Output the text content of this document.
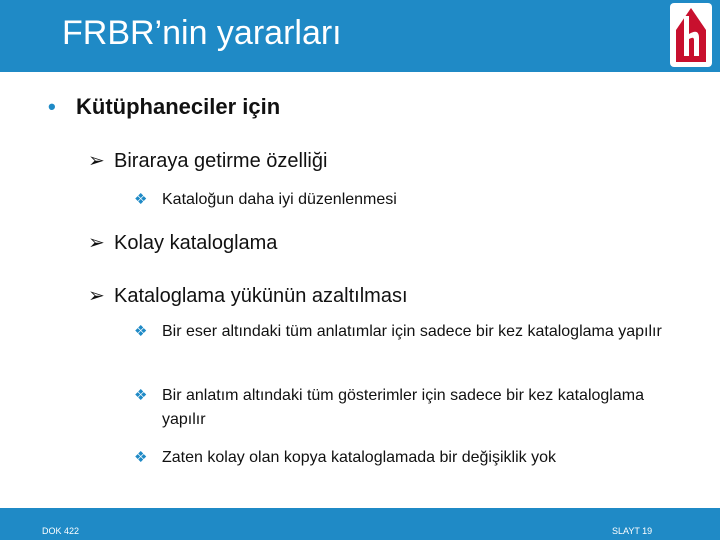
FRBR’nin yararları
• Kütüphaneciler için
➢ Biraraya getirme özelliği
❖ Kataloğun daha iyi düzenlenmesi
➢ Kolay kataloglama
➢ Kataloglama yükünün azaltılması
❖ Bir eser altındaki tüm anlatımlar için sadece bir kez kataloglama yapılır
❖ Bir anlatım altındaki tüm gösterimler için sadece bir kez kataloglama yapılır
❖ Zaten kolay olan kopya kataloglamada bir değişiklik yok
DOK 422	SLAYT 19
